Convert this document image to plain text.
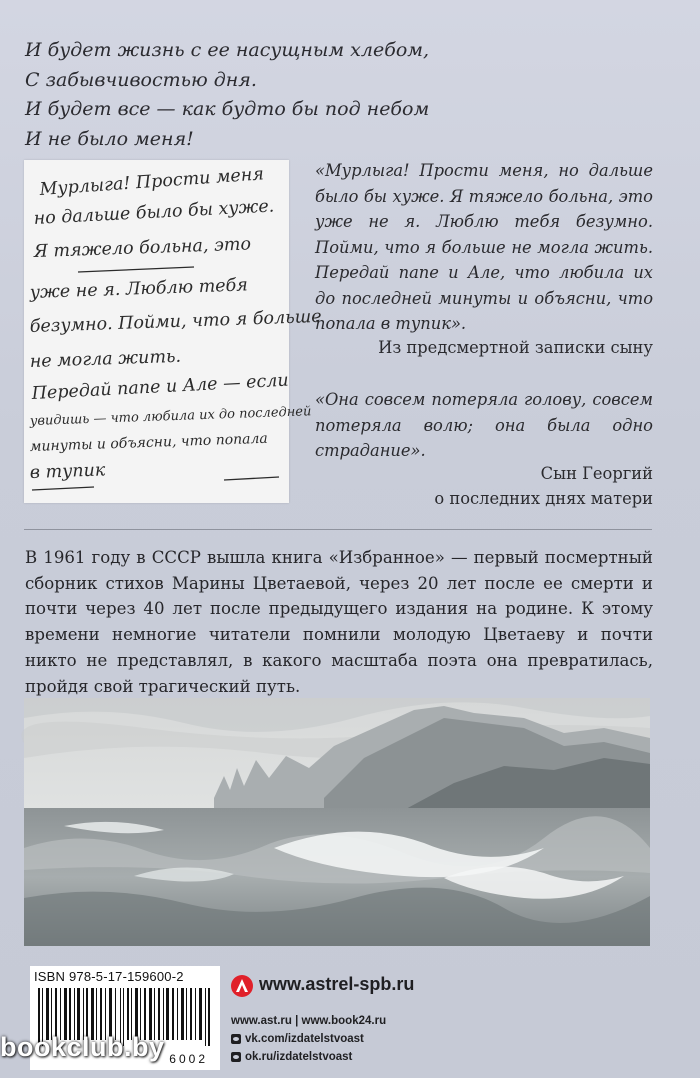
И будет жизнь с ее насущным хлебом,
С забывчивостью дня.
И будет все — как будто бы под небом
И не было меня!
Мурлыга! Прости меня
но дальше было бы хуже.
Я тяжело больна, это
уже не я. Люблю тебя
безумно. Пойми, что я больше
не могла жить.
Передай папе и Але — если
увидишь — что любила их до последней
минуты и объясни, что попала
в тупик
«Мурлыга! Прости меня, но дальше было бы хуже. Я тяжело больна, это уже не я. Люблю тебя безумно. Пойми, что я больше не могла жить. Передай папе и Але, что любила их до последней минуты и объясни, что попала в тупик».
Из предсмертной записки сыну
«Она совсем потеряла голову, совсем потеряла волю; она была одно страдание».
Сын Георгий
о последних днях матери
В 1961 году в СССР вышла книга «Избранное» — первый посмертный сборник стихов Марины Цветаевой, через 20 лет после ее смерти и почти через 40 лет после предыдущего издания на родине. К этому времени немногие читатели помнили молодую Цветаеву и почти никто не представлял, в какого масштаба поэта она превратилась, пройдя свой трагический путь.
ISBN 978-5-17-159600-2
6002
bookclub.by
www.astrel-spb.ru
www.ast.ru | www.book24.ru
vk.com/izdatelstvoast
ok.ru/izdatelstvoast
